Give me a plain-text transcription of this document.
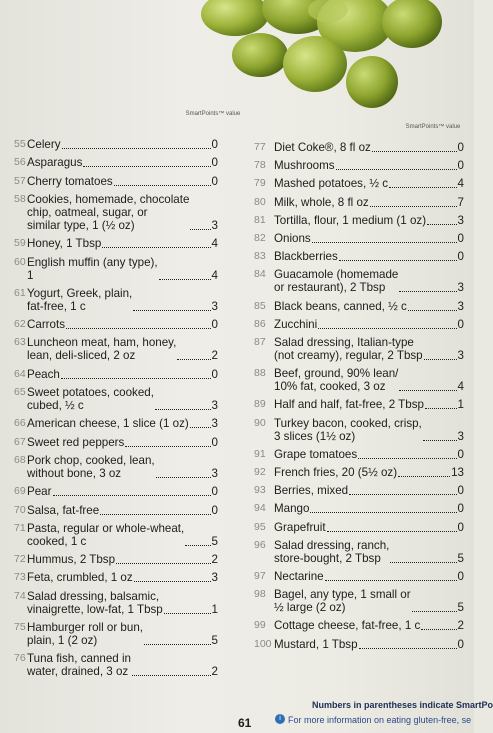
SmartPoints™ value
SmartPoints™ value
55 Celery	0
56 Asparagus	0
57 Cherry tomatoes	0
58 Cookies, homemade, chocolate
chip, oatmeal, sugar, or
similar type, 1 (½ oz)	3
59 Honey, 1 Tbsp	4
60 English muffin (any type),
1	4
61 Yogurt, Greek, plain,
fat-free, 1 c	3
62 Carrots	0
63 Luncheon meat, ham, honey,
lean, deli-sliced, 2 oz	2
64 Peach	0
65 Sweet potatoes, cooked,
cubed, ½ c	3
66 American cheese, 1 slice (1 oz) 3
67 Sweet red peppers	0
68 Pork chop, cooked, lean,
without bone, 3 oz	3
69 Pear	0
70 Salsa, fat-free	0
71 Pasta, regular or whole-wheat,
cooked, 1 c	5
72 Hummus, 2 Tbsp	2
73 Feta, crumbled, 1 oz	3
74 Salad dressing, balsamic,
vinaigrette, low-fat, 1 Tbsp	1
75 Hamburger roll or bun,
plain, 1 (2 oz)	5
76 Tuna fish, canned in
water, drained, 3 oz	2
77 Diet Coke®, 8 fl oz	0
78 Mushrooms	0
79 Mashed potatoes, ½ c	4
80 Milk, whole, 8 fl oz	7
81 Tortilla, flour, 1 medium (1 oz)	3
82 Onions	0
83 Blackberries	0
84 Guacamole (homemade
or restaurant), 2 Tbsp	3
85 Black beans, canned, ½ c	3
86 Zucchini	0
87 Salad dressing, Italian-type
(not creamy), regular, 2 Tbsp	3
88 Beef, ground, 90% lean/
10% fat, cooked, 3 oz	4
89 Half and half, fat-free, 2 Tbsp	1
90 Turkey bacon, cooked, crisp,
3 slices (1½ oz)	3
91 Grape tomatoes	0
92 French fries, 20 (5½ oz)	13
93 Berries, mixed	0
94 Mango	0
95 Grapefruit	0
96 Salad dressing, ranch,
store-bought, 2 Tbsp	5
97 Nectarine	0
98 Bagel, any type, 1 small or
½ large (2 oz)	5
99 Cottage cheese, fat-free, 1 c	2
100 Mustard, 1 Tbsp	0
Numbers in parentheses indicate SmartPo
i For more information on eating gluten-free, se
61
